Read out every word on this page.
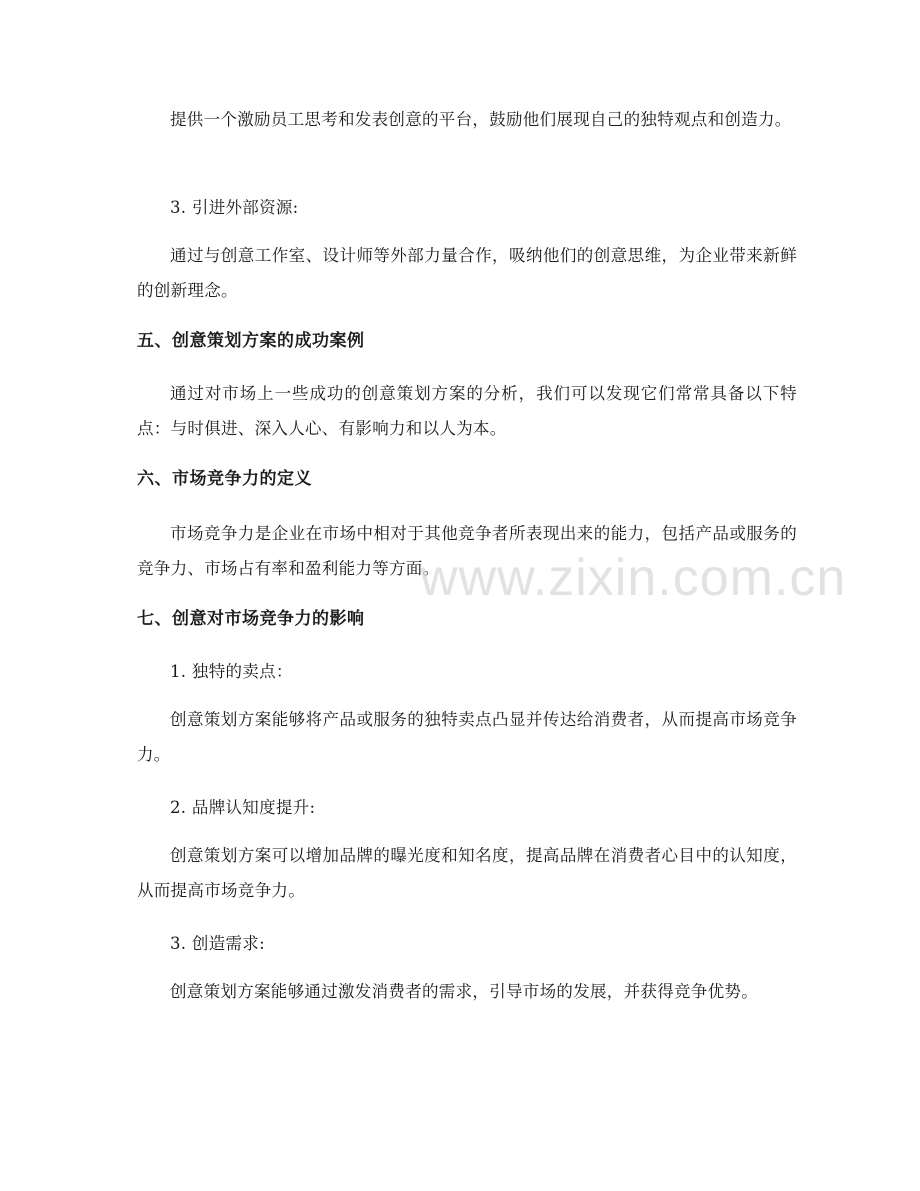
提供一个激励员工思考和发表创意的平台，鼓励他们展现自己的独特观点和创造力。

3. 引进外部资源:

通过与创意工作室、设计师等外部力量合作，吸纳他们的创意思维，为企业带来新鲜的创新理念。

五、创意策划方案的成功案例

通过对市场上一些成功的创意策划方案的分析，我们可以发现它们常常具备以下特点：与时俱进、深入人心、有影响力和以人为本。

六、市场竞争力的定义

市场竞争力是企业在市场中相对于其他竞争者所表现出来的能力，包括产品或服务的竞争力、市场占有率和盈利能力等方面。

七、创意对市场竞争力的影响

1. 独特的卖点：

创意策划方案能够将产品或服务的独特卖点凸显并传达给消费者，从而提高市场竞争力。

2. 品牌认知度提升:

创意策划方案可以增加品牌的曝光度和知名度，提高品牌在消费者心目中的认知度，从而提高市场竞争力。

3. 创造需求:

创意策划方案能够通过激发消费者的需求，引导市场的发展，并获得竞争优势。

www.zixin.com.cn
